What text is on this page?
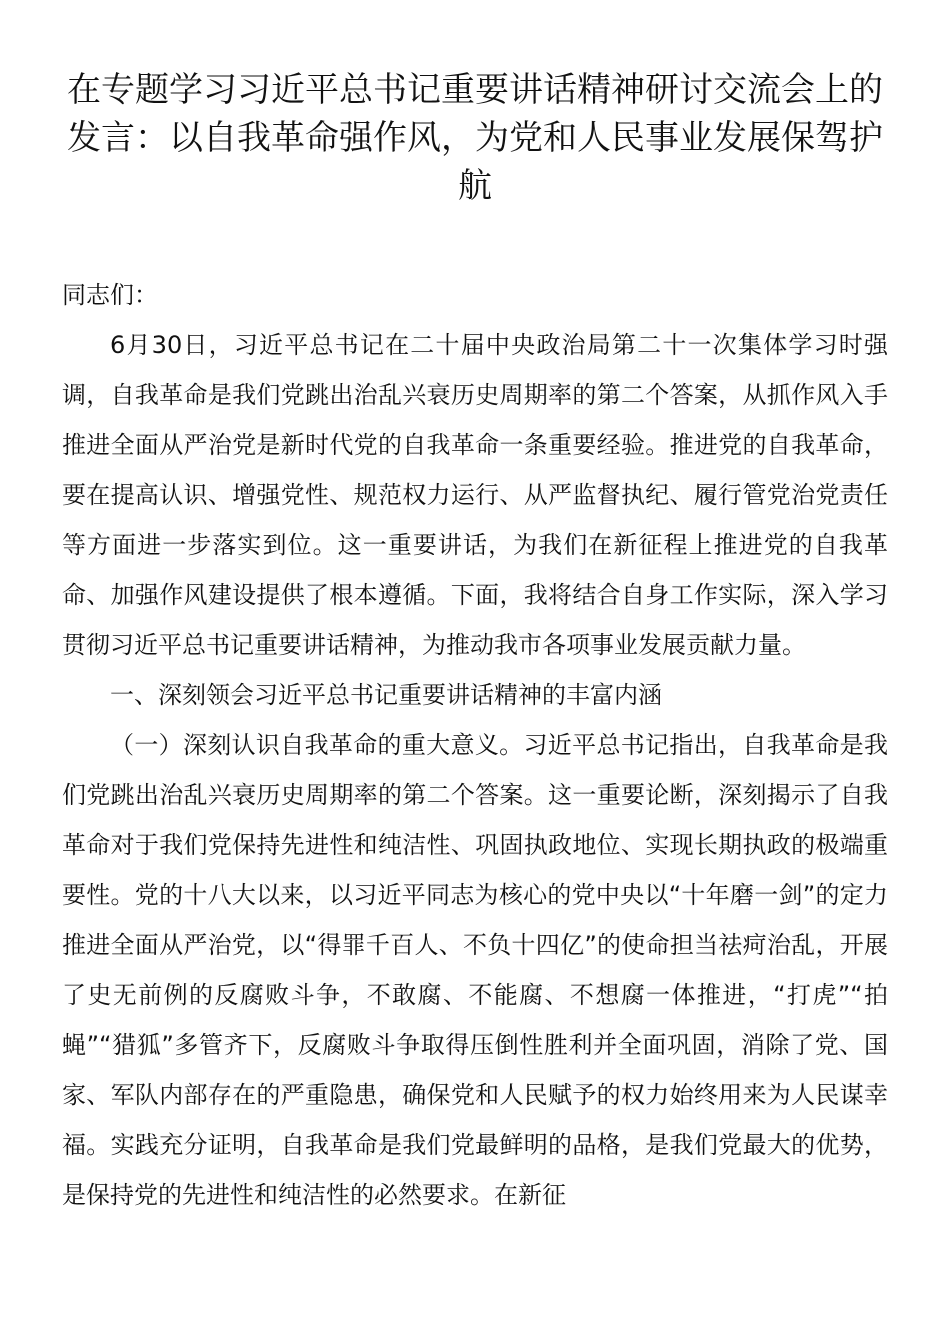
在专题学习习近平总书记重要讲话精神研讨交流会上的发言：以自我革命强作风，为党和人民事业发展保驾护航

同志们：

6月30日，习近平总书记在二十届中央政治局第二十一次集体学习时强调，自我革命是我们党跳出治乱兴衰历史周期率的第二个答案，从抓作风入手推进全面从严治党是新时代党的自我革命一条重要经验。推进党的自我革命，要在提高认识、增强党性、规范权力运行、从严监督执纪、履行管党治党责任等方面进一步落实到位。这一重要讲话，为我们在新征程上推进党的自我革命、加强作风建设提供了根本遵循。下面，我将结合自身工作实际，深入学习贯彻习近平总书记重要讲话精神，为推动我市各项事业发展贡献力量。

一、深刻领会习近平总书记重要讲话精神的丰富内涵

（一）深刻认识自我革命的重大意义。习近平总书记指出，自我革命是我们党跳出治乱兴衰历史周期率的第二个答案。这一重要论断，深刻揭示了自我革命对于我们党保持先进性和纯洁性、巩固执政地位、实现长期执政的极端重要性。党的十八大以来，以习近平同志为核心的党中央以“十年磨一剑”的定力推进全面从严治党，以“得罪千百人、不负十四亿”的使命担当祛疴治乱，开展了史无前例的反腐败斗争，不敢腐、不能腐、不想腐一体推进，“打虎”“拍蝇”“猎狐”多管齐下，反腐败斗争取得压倒性胜利并全面巩固，消除了党、国家、军队内部存在的严重隐患，确保党和人民赋予的权力始终用来为人民谋幸福。实践充分证明，自我革命是我们党最鲜明的品格，是我们党最大的优势，是保持党的先进性和纯洁性的必然要求。在新征
